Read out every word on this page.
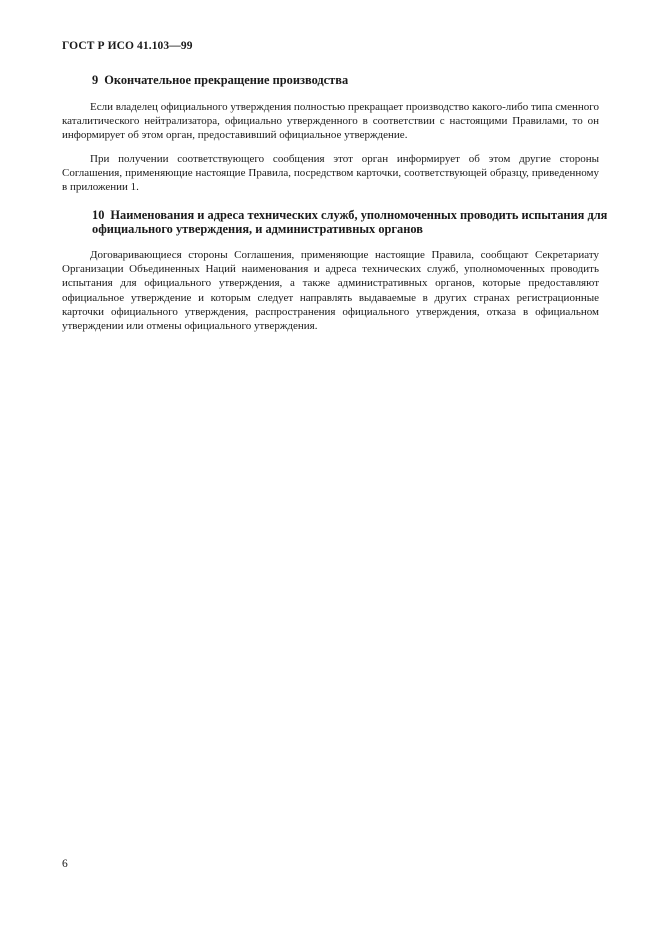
ГОСТ Р ИСО 41.103—99
9 Окончательное прекращение производства

Если владелец официального утверждения полностью прекращает производство какого-либо типа сменного каталитического нейтрализатора, официально утвержденного в соответствии с настоящими Правилами, то он информирует об этом орган, предоставивший официальное утверждение.

При получении соответствующего сообщения этот орган информирует об этом другие стороны Соглашения, применяющие настоящие Правила, посредством карточки, соответствующей образцу, приведенному в приложении 1.

10 Наименования и адреса технических служб, уполномоченных проводить испытания для официального утверждения, и административных органов

Договаривающиеся стороны Соглашения, применяющие настоящие Правила, сообщают Секретариату Организации Объединенных Наций наименования и адреса технических служб, уполномоченных проводить испытания для официального утверждения, а также административных органов, которые предоставляют официальное утверждение и которым следует направлять выдаваемые в других странах регистрационные карточки официального утверждения, распространения официального утверждения, отказа в официальном утверждении или отмены официального утверждения.

6
